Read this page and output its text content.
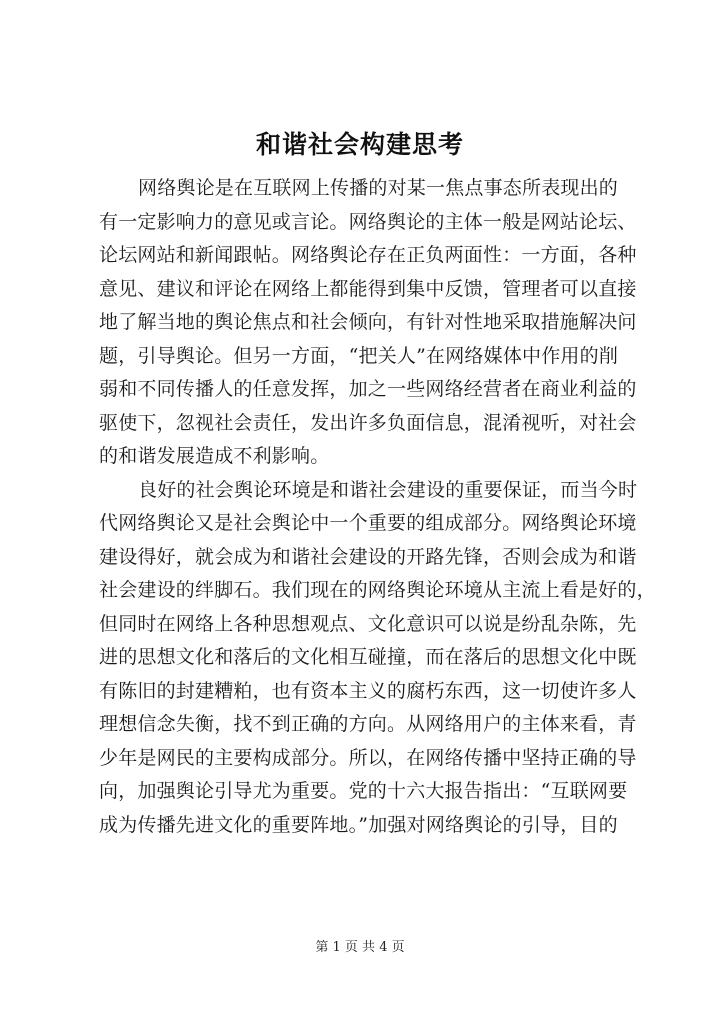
和谐社会构建思考
网络舆论是在互联网上传播的对某一焦点事态所表现出的
有一定影响力的意见或言论。网络舆论的主体一般是网站论坛、
论坛网站和新闻跟帖。网络舆论存在正负两面性：一方面，各种
意见、建议和评论在网络上都能得到集中反馈，管理者可以直接
地了解当地的舆论焦点和社会倾向，有针对性地采取措施解决问
题，引导舆论。但另一方面，“把关人”在网络媒体中作用的削
弱和不同传播人的任意发挥，加之一些网络经营者在商业利益的
驱使下，忽视社会责任，发出许多负面信息，混淆视听，对社会
的和谐发展造成不利影响。
良好的社会舆论环境是和谐社会建设的重要保证，而当今时
代网络舆论又是社会舆论中一个重要的组成部分。网络舆论环境
建设得好，就会成为和谐社会建设的开路先锋，否则会成为和谐
社会建设的绊脚石。我们现在的网络舆论环境从主流上看是好的，
但同时在网络上各种思想观点、文化意识可以说是纷乱杂陈，先
进的思想文化和落后的文化相互碰撞，而在落后的思想文化中既
有陈旧的封建糟粕，也有资本主义的腐朽东西，这一切使许多人
理想信念失衡，找不到正确的方向。从网络用户的主体来看，青
少年是网民的主要构成部分。所以，在网络传播中坚持正确的导
向，加强舆论引导尤为重要。党的十六大报告指出：“互联网要
成为传播先进文化的重要阵地。”加强对网络舆论的引导，目的
第 1 页 共 4 页
